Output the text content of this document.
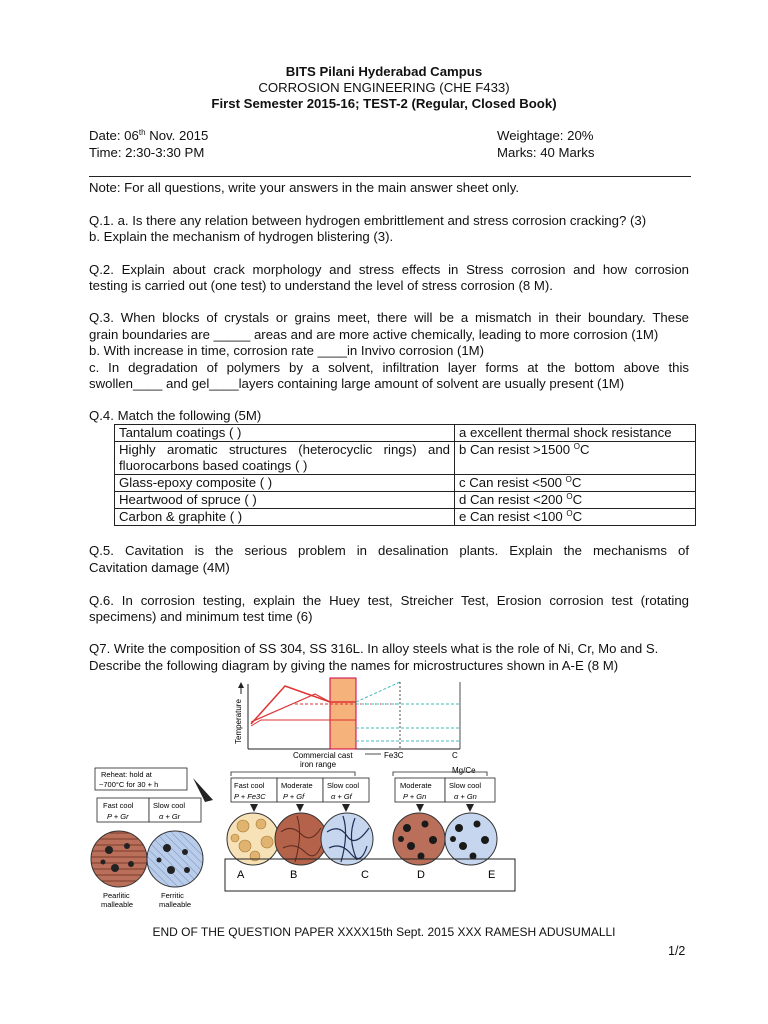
BITS Pilani Hyderabad Campus
CORROSION ENGINEERING (CHE F433)
First Semester 2015-16; TEST-2 (Regular, Closed Book)
Date: 06th Nov. 2015
Time: 2:30-3:30 PM
Weightage: 20%
Marks: 40 Marks
Note: For all questions, write your answers in the main answer sheet only.
Q.1. a. Is there any relation between hydrogen embrittlement and stress corrosion cracking? (3)
b. Explain the mechanism of hydrogen blistering (3).
Q.2. Explain about crack morphology and stress effects in Stress corrosion and how corrosion
testing is carried out (one test) to understand the level of stress corrosion (8 M).
Q.3. When blocks of crystals or grains meet, there will be a mismatch in their boundary. These
grain boundaries are _____ areas and are more active chemically, leading to more corrosion (1M)
b. With increase in time, corrosion rate ____in Invivo corrosion (1M)
c. In degradation of polymers by a solvent, infiltration layer forms at the bottom above this
swollen____ and gel____layers containing large amount of solvent are usually present (1M)
Q.4. Match the following (5M)
Tantalum coatings ( )	a excellent thermal shock resistance
Highly aromatic structures (heterocyclic rings) and fluorocarbons based coatings ( )	b Can resist >1500 $^O$C
Glass-epoxy composite ( )	c Can resist <500 $^O$C
Heartwood of spruce ( )	d Can resist <200 $^O$C
Carbon & graphite ( )	e Can resist <100 $^O$C
Q.5. Cavitation is the serious problem in desalination plants. Explain the mechanisms of
Cavitation damage (4M)
Q.6. In corrosion testing, explain the Huey test, Streicher Test, Erosion corrosion test (rotating
specimens) and minimum test time (6)
Q7. Write the composition of SS 304, SS 316L. In alloy steels what is the role of Ni, Cr, Mo and S.
Describe the following diagram by giving the names for microstructures shown in A-E (8 M)
Temperature
Commercial cast
iron range
Fe3C	C
Mg/Ce
Reheat: hold at
~700°C for 30 + h
Fast cool
P + Gr
Slow cool
α + Gr
Pearlitic
malleable
Ferritic
malleable
Fast cool
P + Fe3C
Moderate
P + Gf
Slow cool
α + Gf
Moderate
P + Gn
Slow cool
α + Gn
A	B	C	D	E
END OF THE QUESTION PAPER XXXX15th Sept. 2015 XXX RAMESH ADUSUMALLI
1/2
